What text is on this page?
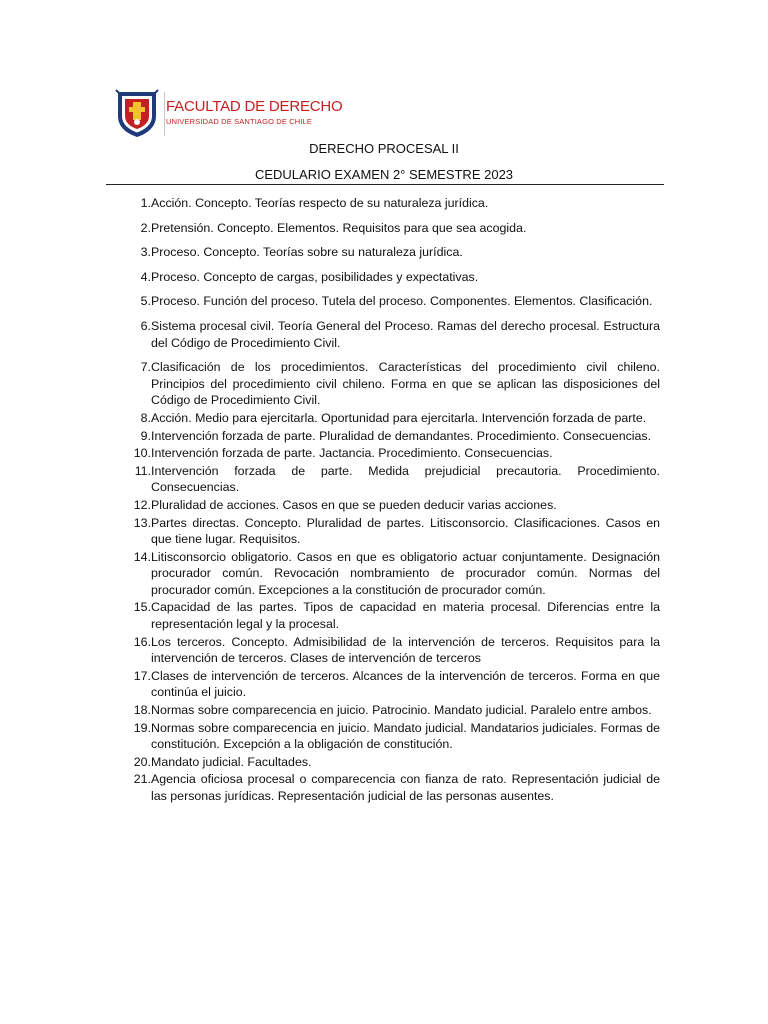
FACULTAD DE DERECHO
UNIVERSIDAD DE SANTIAGO DE CHILE
DERECHO PROCESAL II
CEDULARIO EXAMEN 2° SEMESTRE 2023
1. Acción. Concepto. Teorías respecto de su naturaleza jurídica.
2. Pretensión. Concepto. Elementos. Requisitos para que sea acogida.
3. Proceso. Concepto. Teorías sobre su naturaleza jurídica.
4. Proceso. Concepto de cargas, posibilidades y expectativas.
5. Proceso. Función del proceso. Tutela del proceso. Componentes. Elementos. Clasificación.
6. Sistema procesal civil. Teoría General del Proceso. Ramas del derecho procesal. Estructura del Código de Procedimiento Civil.
7. Clasificación de los procedimientos. Características del procedimiento civil chileno. Principios del procedimiento civil chileno. Forma en que se aplican las disposiciones del Código de Procedimiento Civil.
8. Acción. Medio para ejercitarla. Oportunidad para ejercitarla. Intervención forzada de parte.
9. Intervención forzada de parte. Pluralidad de demandantes. Procedimiento. Consecuencias.
10. Intervención forzada de parte. Jactancia. Procedimiento. Consecuencias.
11. Intervención forzada de parte. Medida prejudicial precautoria. Procedimiento. Consecuencias.
12. Pluralidad de acciones. Casos en que se pueden deducir varias acciones.
13. Partes directas. Concepto. Pluralidad de partes. Litisconsorcio. Clasificaciones. Casos en que tiene lugar. Requisitos.
14. Litisconsorcio obligatorio. Casos en que es obligatorio actuar conjuntamente. Designación procurador común. Revocación nombramiento de procurador común. Normas del procurador común. Excepciones a la constitución de procurador común.
15. Capacidad de las partes. Tipos de capacidad en materia procesal. Diferencias entre la representación legal y la procesal.
16. Los terceros. Concepto. Admisibilidad de la intervención de terceros. Requisitos para la intervención de terceros. Clases de intervención de terceros
17. Clases de intervención de terceros. Alcances de la intervención de terceros. Forma en que continúa el juicio.
18. Normas sobre comparecencia en juicio. Patrocinio. Mandato judicial. Paralelo entre ambos.
19. Normas sobre comparecencia en juicio. Mandato judicial. Mandatarios judiciales. Formas de constitución. Excepción a la obligación de constitución.
20. Mandato judicial. Facultades.
21. Agencia oficiosa procesal o comparecencia con fianza de rato. Representación judicial de las personas jurídicas. Representación judicial de las personas ausentes.
